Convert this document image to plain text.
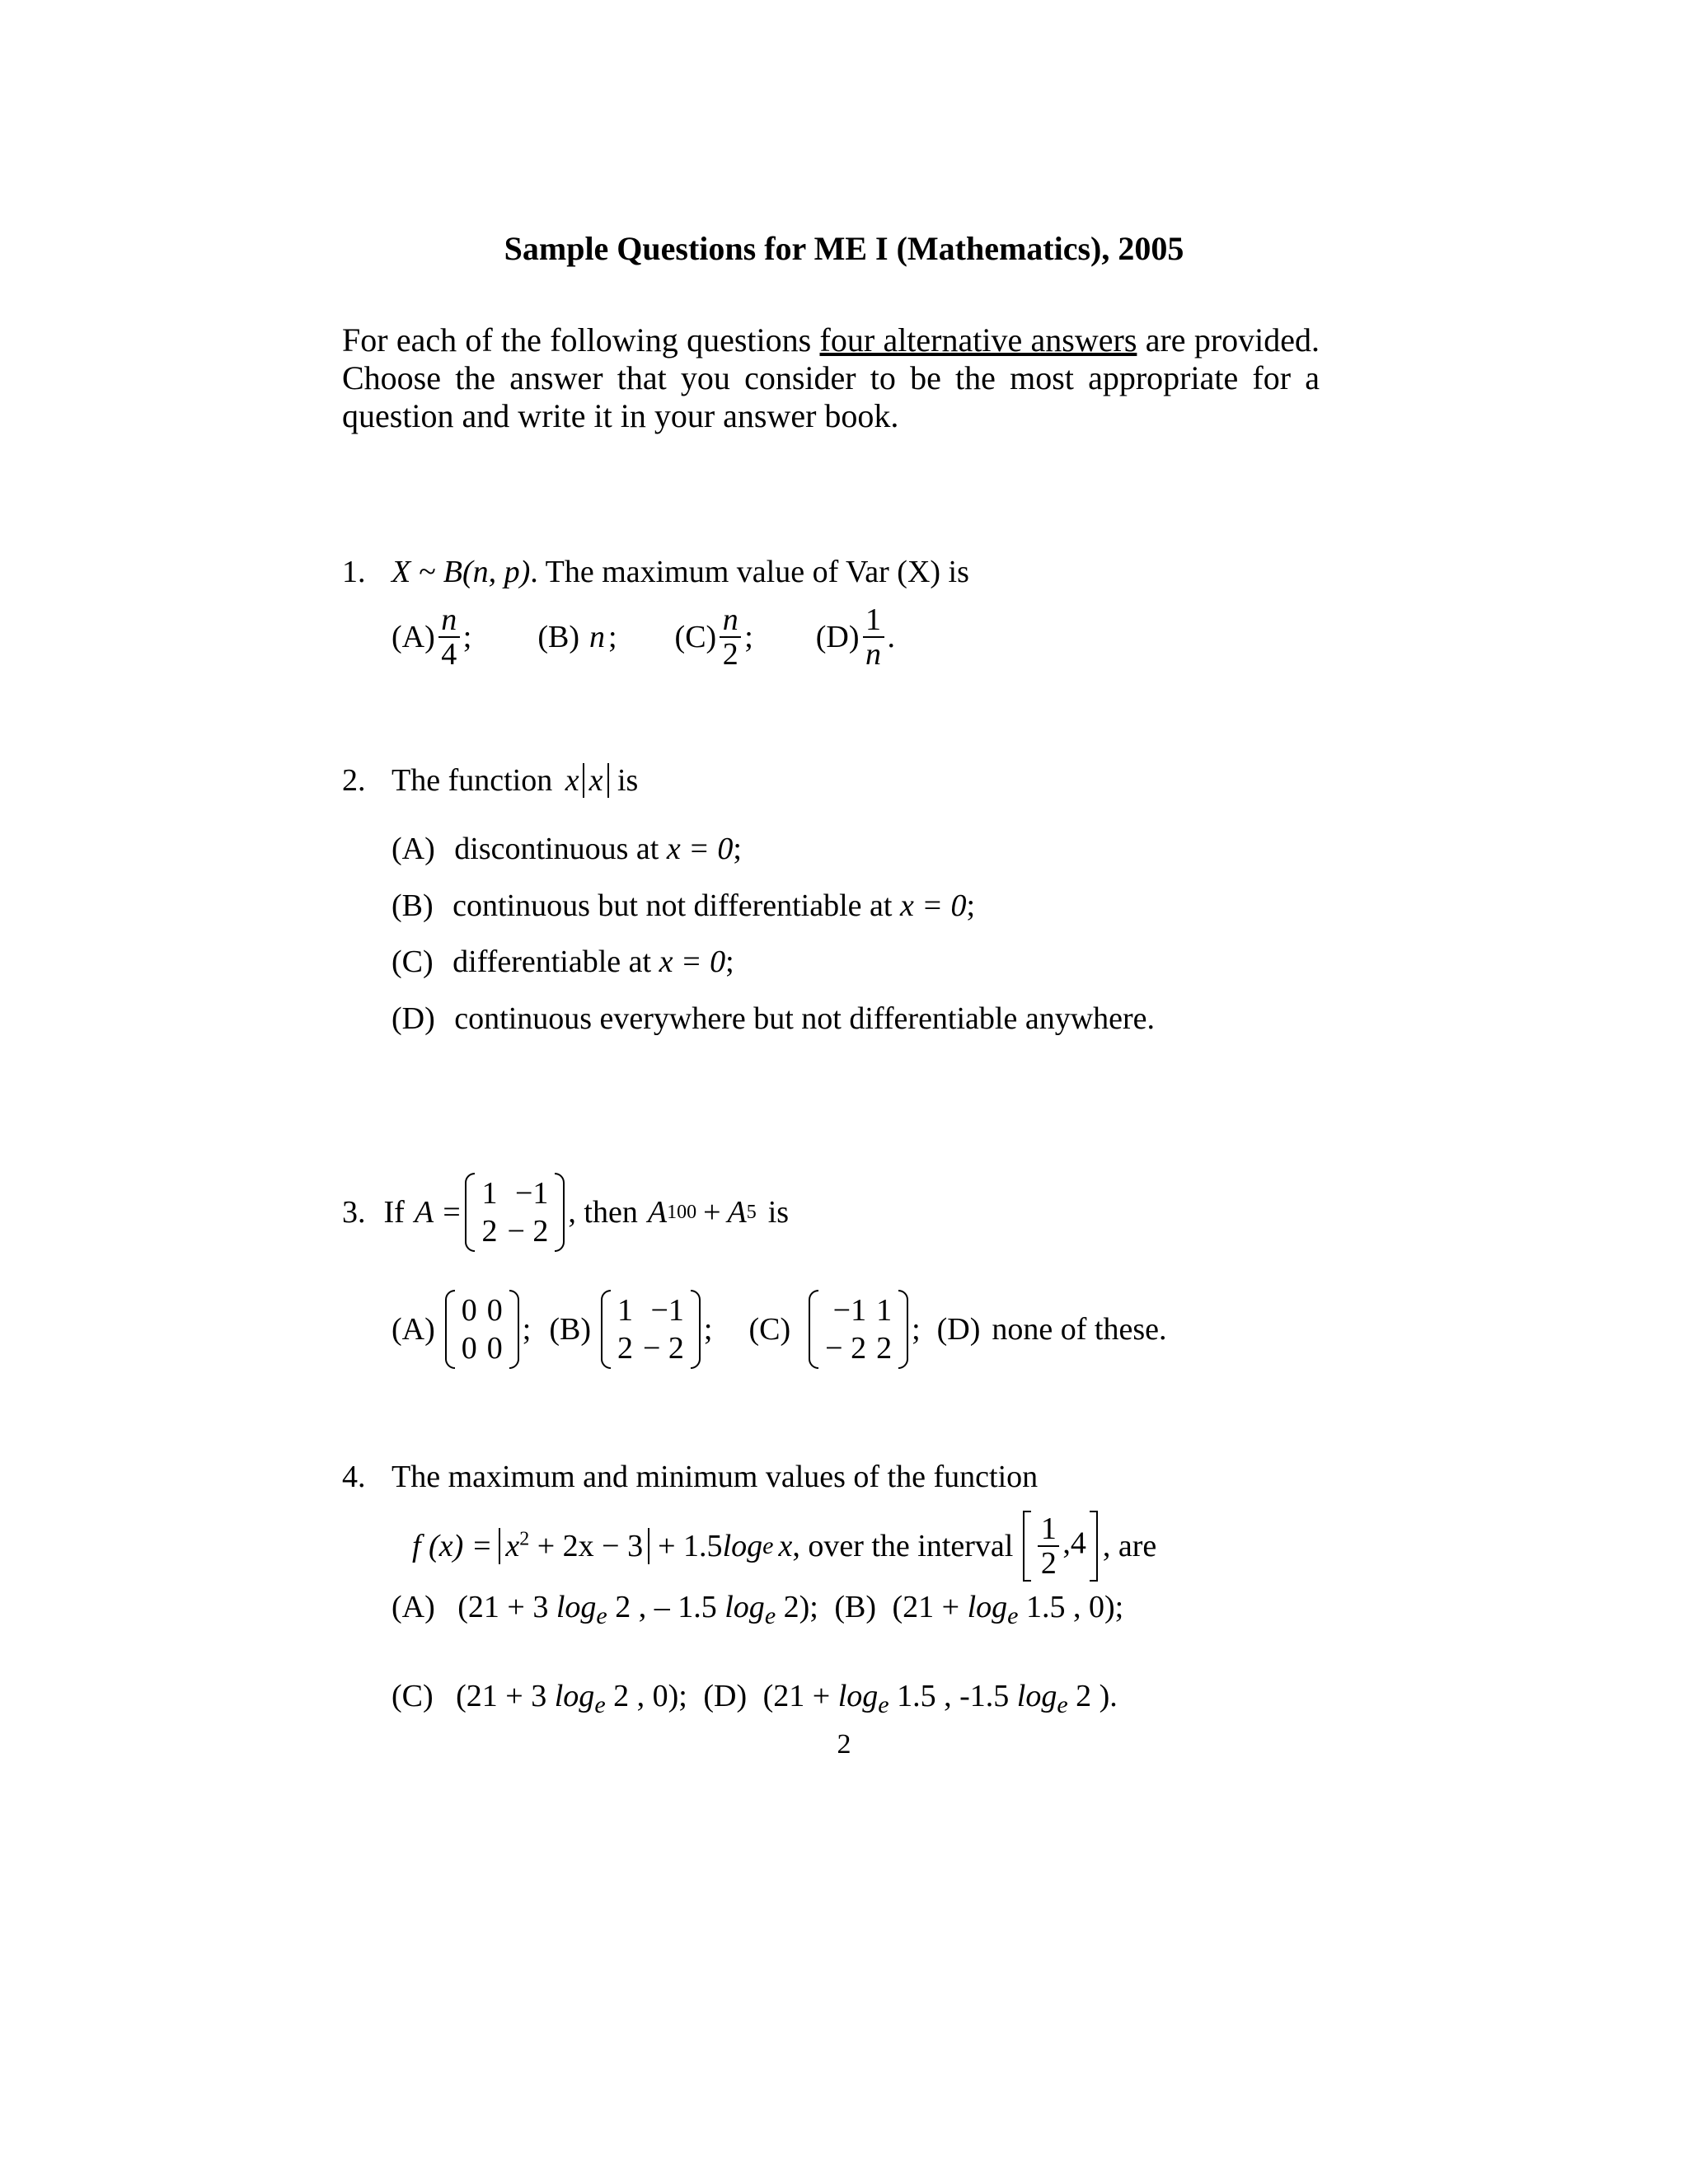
Sample Questions for ME I (Mathematics), 2005
For each of the following questions four alternative answers are provided. Choose the answer that you consider to be the most appropriate for a question and write it in your answer book.
1. X ~ B(n, p). The maximum value of Var (X) is
$(A) \frac{n}{4}$ ; (B) n ; $(C) \frac{n}{2}$ ; $(D) \frac{1}{n}$ .
2. The function x x is
(A) discontinuous at x = 0;
(B) continuous but not differentiable at x = 0;
(C) differentiable at x = 0;
(D) continuous everywhere but not differentiable anywhere.
3. If A =
1	−1
2	− 2
, then A 100 + A 5 is
(A)
0	0
0	0
; (B)
1	−1
2	− 2
; (C)
−1	1
− 2	2
; (D) none of these.
4. The maximum and minimum values of the function
f $(x) = x^2 + 2x - 3 + 1.5$ log e x , over the interval $\frac{1}{2} ,4$ , are
(A) (21 + 3 $\log_e 2$ , – 1.5 $\log_e 2$); (B) ($21 + \log_e 1.5$ , 0);
(C) (21 + 3 $\log_e 2$ , 0); (D) ($21 + \log_e 1.5$ , -1.5 $\log_e 2$ ).
2
